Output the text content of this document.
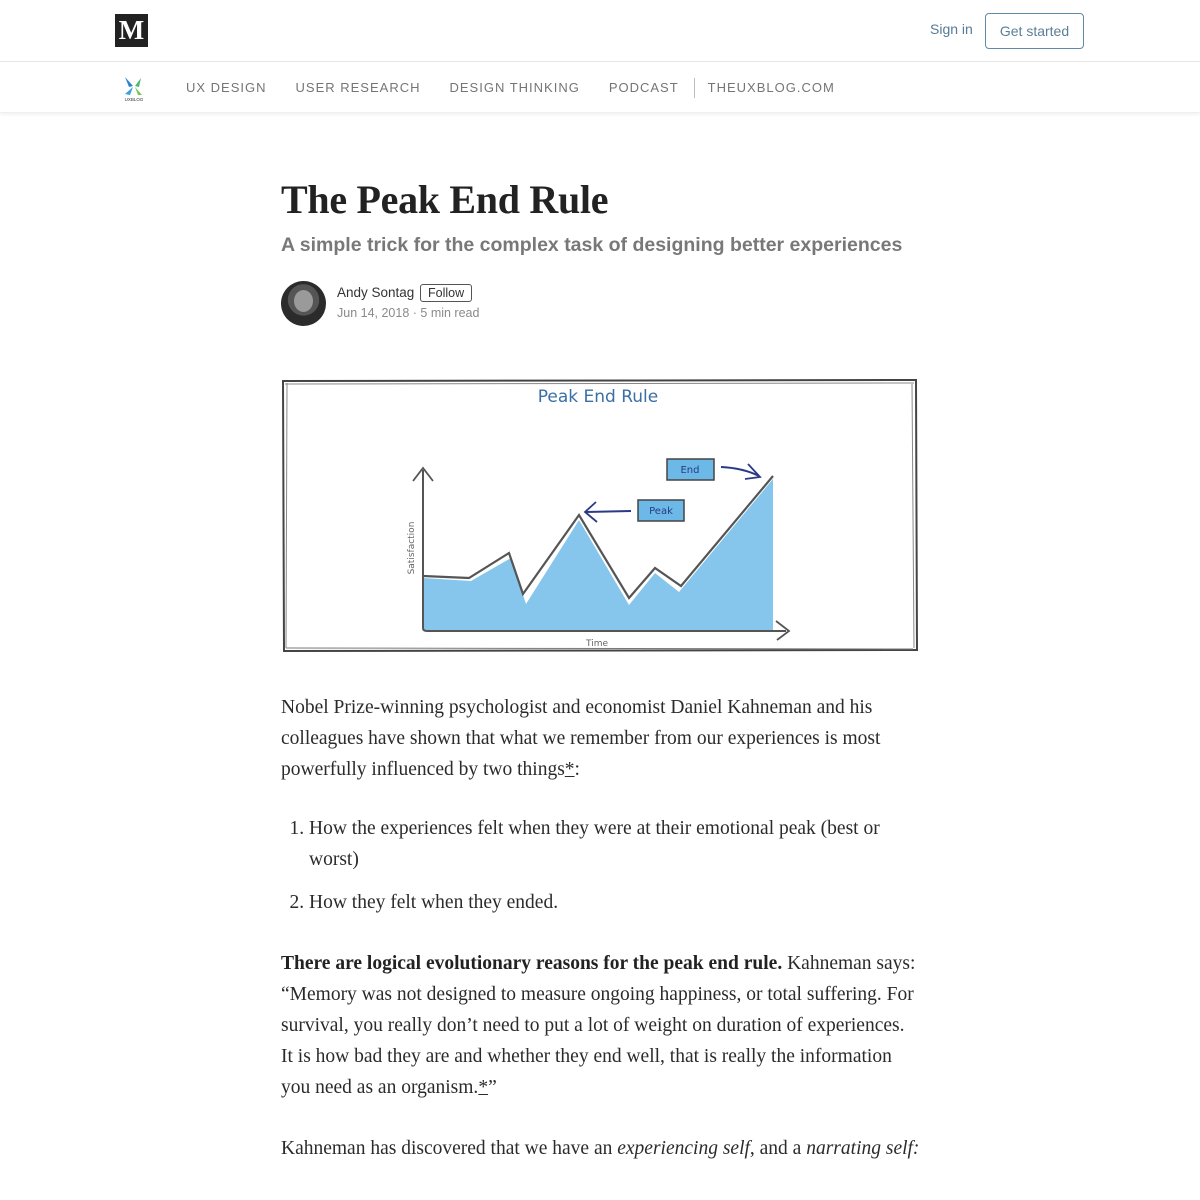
M	Sign in	Get started
UXBLOG
UX DESIGN USER RESEARCH DESIGN THINKING PODCAST THEUXBLOG.COM
The Peak End Rule
A simple trick for the complex task of designing better experiences
Andy Sontag	Follow
Jun 14, 2018 · 5 min read
Peak End Rule
Satisfaction
Time
Peak
End

Nobel Prize-winning psychologist and economist Daniel Kahneman and his colleagues have shown that what we remember from our experiences is most powerfully influenced by two things*:

1. How the experiences felt when they were at their emotional peak (best or worst)
2. How they felt when they ended.

There are logical evolutionary reasons for the peak end rule. Kahneman says: “Memory was not designed to measure ongoing happiness, or total suffering. For survival, you really don’t need to put a lot of weight on duration of experiences. It is how bad they are and whether they end well, that is really the information you need as an organism.*”

Kahneman has discovered that we have an experiencing self, and a narrating self:
